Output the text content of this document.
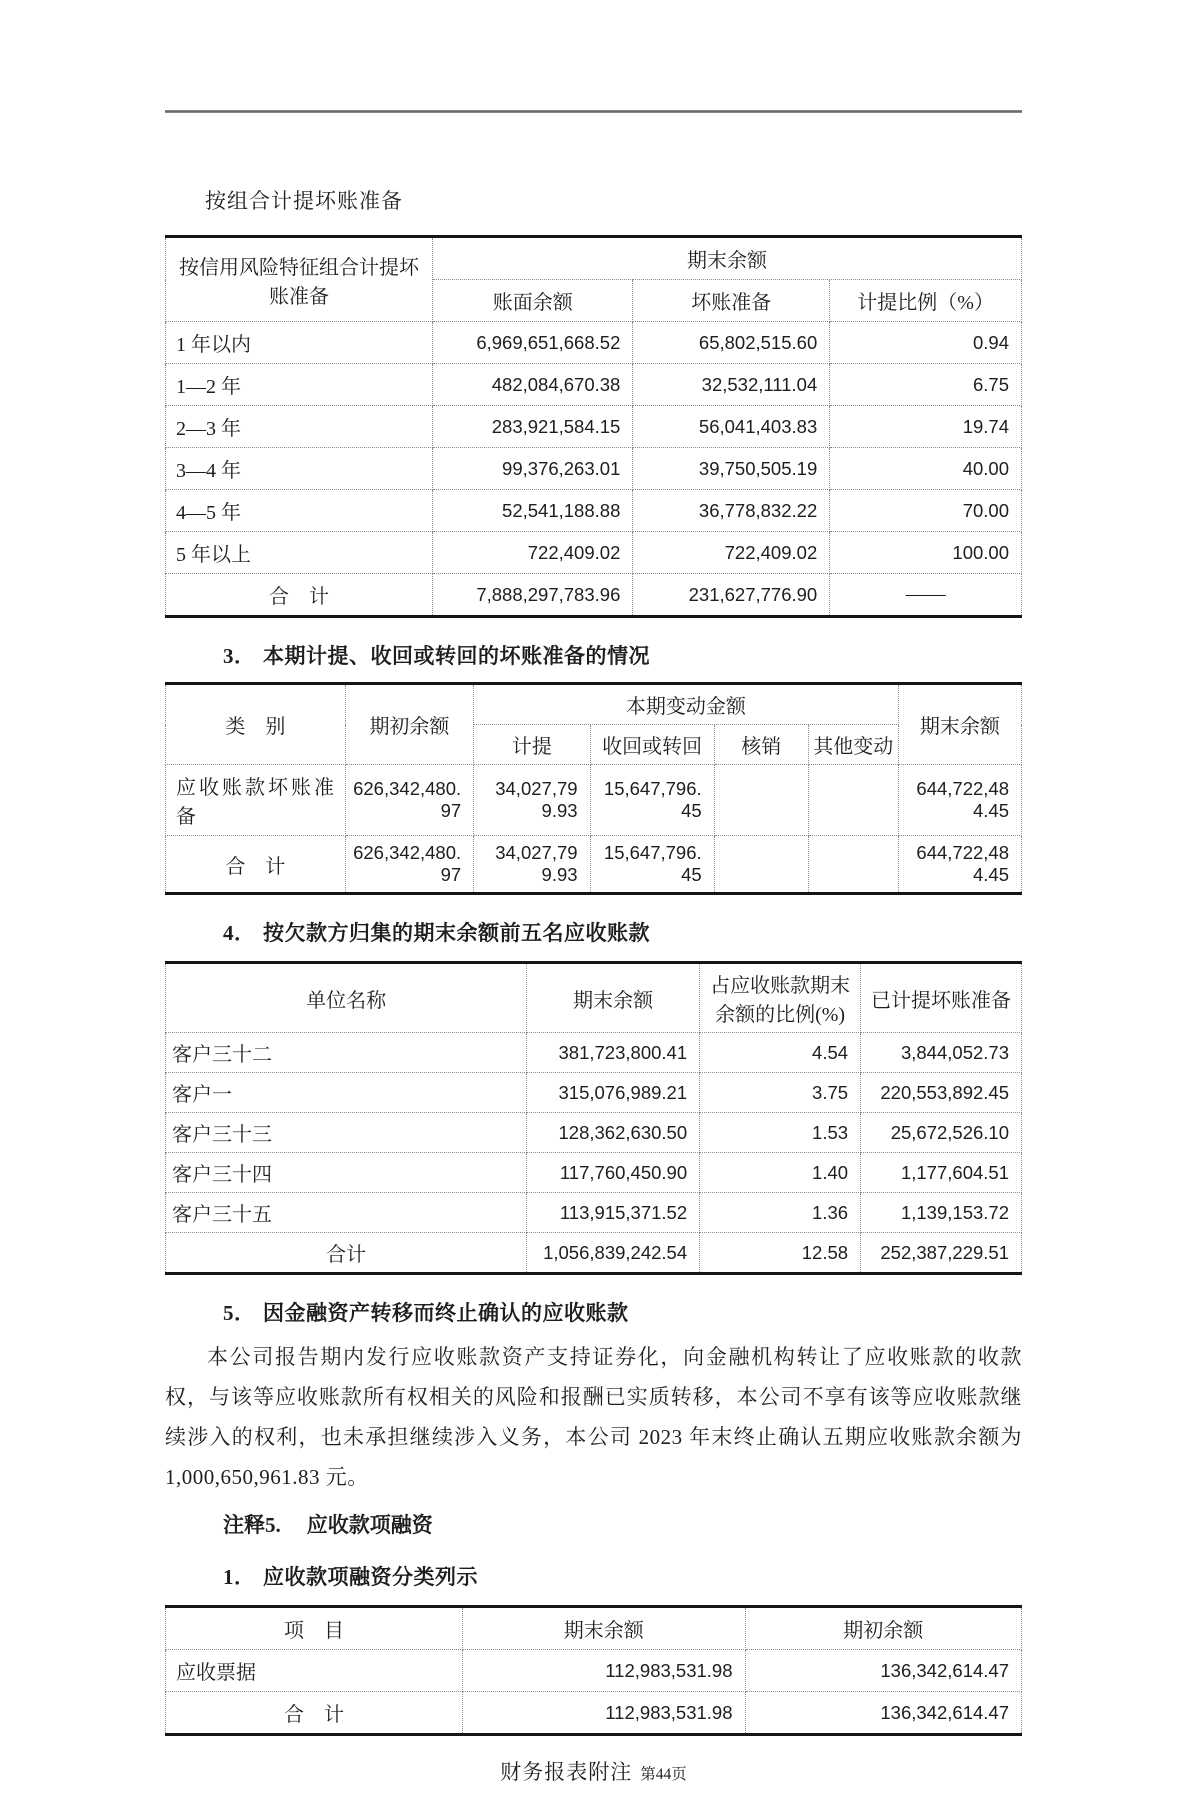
按组合计提坏账准备
按信用风险特征组合计提坏账准备	期末余额		
	账面余额	坏账准备	计提比例（%）
1 年以内	6,969,651,668.52	65,802,515.60	0.94
1—2 年	482,084,670.38	32,532,111.04	6.75
2—3 年	283,921,584.15	56,041,403.83	19.74
3—4 年	99,376,263.01	39,750,505.19	40.00
4—5 年	52,541,188.88	36,778,832.22	70.00
5 年以上	722,409.02	722,409.02	100.00
合　计	7,888,297,783.96	231,627,776.90	——
3． 本期计提、收回或转回的坏账准备的情况
类　别	期初余额	本期变动金额				期末余额
		计提	收回或转回	核销	其他变动	
应收账款坏账准备	626,342,480.97	34,027,799.93	15,647,796.45			644,722,484.45
合　计	626,342,480.97	34,027,799.93	15,647,796.45			644,722,484.45
4． 按欠款方归集的期末余额前五名应收账款
单位名称	期末余额	占应收账款期末余额的比例(%)	已计提坏账准备
客户三十二	381,723,800.41	4.54	3,844,052.73
客户一	315,076,989.21	3.75	220,553,892.45
客户三十三	128,362,630.50	1.53	25,672,526.10
客户三十四	117,760,450.90	1.40	1,177,604.51
客户三十五	113,915,371.52	1.36	1,139,153.72
合计	1,056,839,242.54	12.58	252,387,229.51
5． 因金融资产转移而终止确认的应收账款
本公司报告期内发行应收账款资产支持证券化，向金融机构转让了应收账款的收款权，与该等应收账款所有权相关的风险和报酬已实质转移，本公司不享有该等应收账款继续涉入的权利，也未承担继续涉入义务，本公司 2023 年末终止确认五期应收账款余额为 1,000,650,961.83 元。
注释5. 应收款项融资
1． 应收款项融资分类列示
项　目	期末余额	期初余额
应收票据	112,983,531.98	136,342,614.47
合　计	112,983,531.98	136,342,614.47
财务报表附注 第44页
